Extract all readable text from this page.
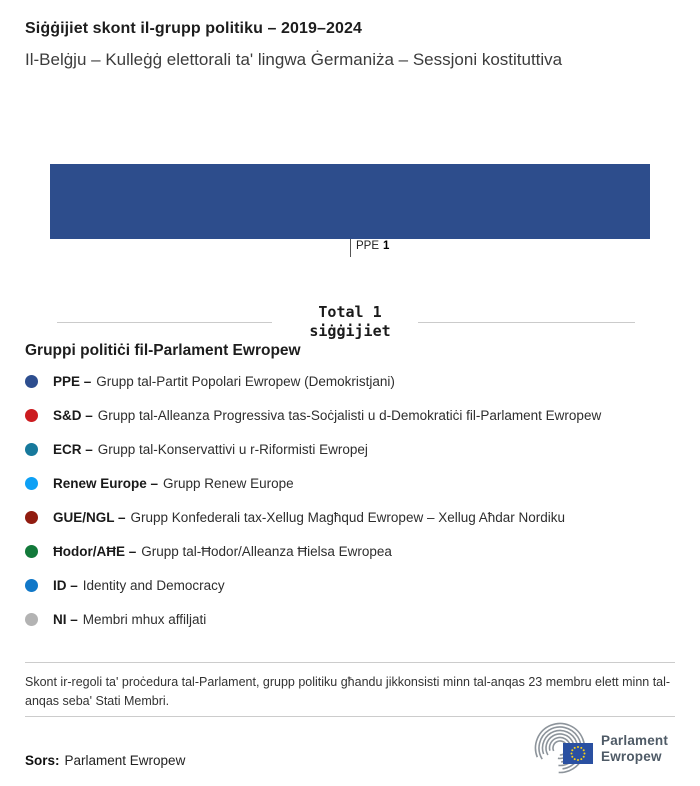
Siġġijiet skont il-grupp politiku – 2019–2024
Il-Belġju – Kulleġġ elettorali ta' lingwa Ġermaniża – Sessjoni kostituttiva
PPE 1
Total 1
siġġijiet
Gruppi politiċi fil-Parlament Ewropew
PPE – Grupp tal-Partit Popolari Ewropew (Demokristjani)
S&D – Grupp tal-Alleanza Progressiva tas-Soċjalisti u d-Demokratiċi fil-Parlament Ewropew
ECR – Grupp tal-Konservattivi u r-Riformisti Ewropej
Renew Europe – Grupp Renew Europe
GUE/NGL – Grupp Konfederali tax-Xellug Magħqud Ewropew – Xellug Aħdar Nordiku
Ħodor/AĦE – Grupp tal-Ħodor/Alleanza Ħielsa Ewropea
ID – Identity and Democracy
NI – Membri mhux affiljati
Skont ir-regoli ta' proċedura tal-Parlament, grupp politiku għandu jikkonsisti minn tal-anqas 23 membru elett minn tal-anqas seba' Stati Membri.
Sors: Parlament Ewropew
Parlament
Ewropew
